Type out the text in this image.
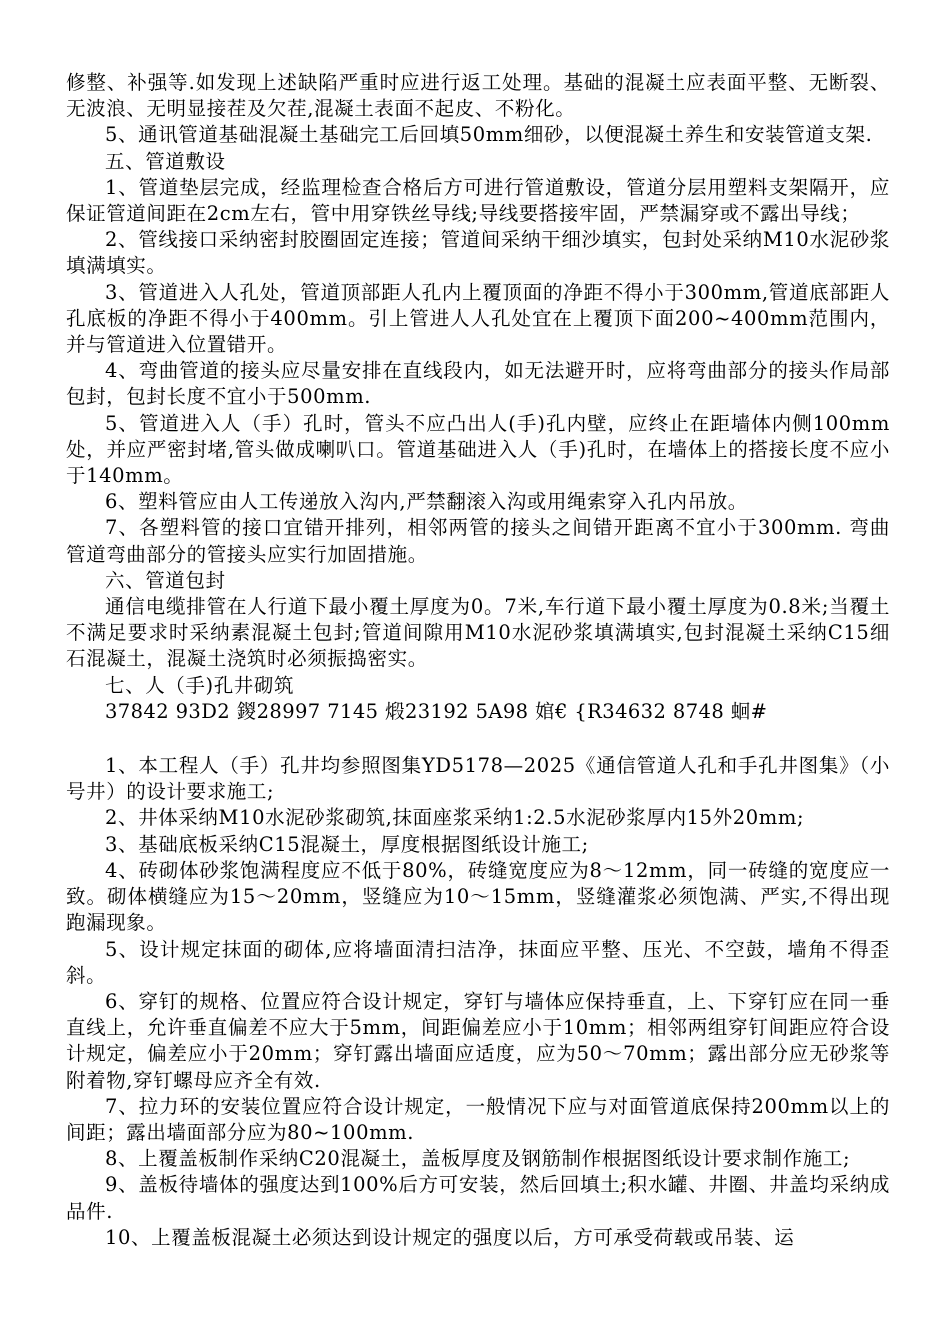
修整、补强等.如发现上述缺陷严重时应进行返工处理。基础的混凝土应表面平整、无断裂、无波浪、无明显接茬及欠茬,混凝土表面不起皮、不粉化。

5、通讯管道基础混凝土基础完工后回填50mm细砂，以便混凝土养生和安装管道支架.

五、管道敷设

1、管道垫层完成，经监理检查合格后方可进行管道敷设，管道分层用塑料支架隔开，应保证管道间距在2cm左右，管中用穿铁丝导线;导线要搭接牢固，严禁漏穿或不露出导线；

2、管线接口采纳密封胶圈固定连接；管道间采纳干细沙填实，包封处采纳M10水泥砂浆填满填实。

3、管道进入人孔处，管道顶部距人孔内上覆顶面的净距不得小于300mm,管道底部距人孔底板的净距不得小于400mm。引上管进人人孔处宜在上覆顶下面200~400mm范围内，并与管道进入位置错开。

4、弯曲管道的接头应尽量安排在直线段内，如无法避开时，应将弯曲部分的接头作局部包封，包封长度不宜小于500mm.

5、管道进入人（手）孔时，管头不应凸出人(手)孔内壁，应终止在距墙体内侧100mm处，并应严密封堵,管头做成喇叭口。管道基础进入人（手)孔时，在墙体上的搭接长度不应小于140mm。

6、塑料管应由人工传递放入沟内,严禁翻滚入沟或用绳索穿入孔内吊放。

7、各塑料管的接口宜错开排列，相邻两管的接头之间错开距离不宜小于300mm. 弯曲管道弯曲部分的管接头应实行加固措施。

六、管道包封

通信电缆排管在人行道下最小覆土厚度为0。7米,车行道下最小覆土厚度为0.8米;当覆土不满足要求时采纳素混凝土包封;管道间隙用M10水泥砂浆填满填实,包封混凝土采纳C15细石混凝土，混凝土浇筑时必须振捣密实。

七、人（手)孔井砌筑

37842 93D2 鍐28997 7145 煅23192 5A98 婠€ {R34632 8748 蛔#

1、本工程人（手）孔井均参照图集YD5178—2025《通信管道人孔和手孔井图集》（小号井）的设计要求施工;

2、井体采纳M10水泥砂浆砌筑,抹面座浆采纳1:2.5水泥砂浆厚内15外20mm;

3、基础底板采纳C15混凝土，厚度根据图纸设计施工;

4、砖砌体砂浆饱满程度应不低于80%，砖缝宽度应为8～12mm，同一砖缝的宽度应一致。砌体横缝应为15～20mm，竖缝应为10～15mm，竖缝灌浆必须饱满、严实,不得出现跑漏现象。

5、设计规定抹面的砌体,应将墙面清扫洁净，抹面应平整、压光、不空鼓，墙角不得歪斜。

6、穿钉的规格、位置应符合设计规定，穿钉与墙体应保持垂直，上、下穿钉应在同一垂直线上，允许垂直偏差不应大于5mm，间距偏差应小于10mm；相邻两组穿钉间距应符合设计规定，偏差应小于20mm；穿钉露出墙面应适度，应为50～70mm；露出部分应无砂浆等附着物,穿钉螺母应齐全有效.

7、拉力环的安装位置应符合设计规定，一般情况下应与对面管道底保持200mm以上的间距；露出墙面部分应为80~100mm.

8、上覆盖板制作采纳C20混凝土，盖板厚度及钢筋制作根据图纸设计要求制作施工;

9、盖板待墙体的强度达到100%后方可安装，然后回填土;积水罐、井圈、井盖均采纳成品件.

10、上覆盖板混凝土必须达到设计规定的强度以后，方可承受荷载或吊装、运
